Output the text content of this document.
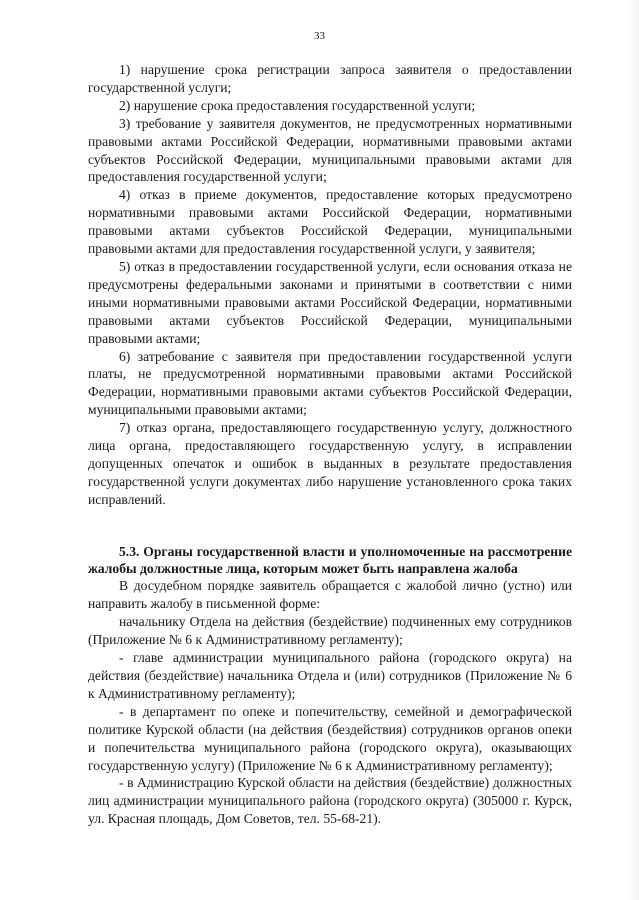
33

1) нарушение срока регистрации запроса заявителя о предоставлении государственной услуги;

2) нарушение срока предоставления государственной услуги;

3) требование у заявителя документов, не предусмотренных нормативными правовыми актами Российской Федерации, нормативными правовыми актами субъектов Российской Федерации, муниципальными правовыми актами для предоставления государственной услуги;

4) отказ в приеме документов, предоставление которых предусмотрено нормативными правовыми актами Российской Федерации, нормативными правовыми актами субъектов Российской Федерации, муниципальными правовыми актами для предоставления государственной услуги, у заявителя;

5) отказ в предоставлении государственной услуги, если основания отказа не предусмотрены федеральными законами и принятыми в соответствии с ними иными нормативными правовыми актами Российской Федерации, нормативными правовыми актами субъектов Российской Федерации, муниципальными правовыми актами;

6) затребование с заявителя при предоставлении государственной услуги платы, не предусмотренной нормативными правовыми актами Российской Федерации, нормативными правовыми актами субъектов Российской Федерации, муниципальными правовыми актами;

7) отказ органа, предоставляющего государственную услугу, должностного лица органа, предоставляющего государственную услугу, в исправлении допущенных опечаток и ошибок в выданных в результате предоставления государственной услуги документах либо нарушение установленного срока таких исправлений.

5.3. Органы государственной власти и уполномоченные на рассмотрение жалобы должностные лица, которым может быть направлена жалоба

В досудебном порядке заявитель обращается с жалобой лично (устно) или направить жалобу в письменной форме:

начальнику Отдела на действия (бездействие) подчиненных ему сотрудников (Приложение № 6 к Административному регламенту);

- главе администрации муниципального района (городского округа) на действия (бездействие) начальника Отдела и (или) сотрудников (Приложение № 6 к Административному регламенту);

- в департамент по опеке и попечительству, семейной и демографической политике Курской области (на действия (бездействия) сотрудников органов опеки и попечительства муниципального района (городского округа), оказывающих государственную услугу) (Приложение № 6 к Административному регламенту);

- в Администрацию Курской области на действия (бездействие) должностных лиц администрации муниципального района (городского округа) (305000 г. Курск, ул. Красная площадь, Дом Советов, тел. 55-68-21).
